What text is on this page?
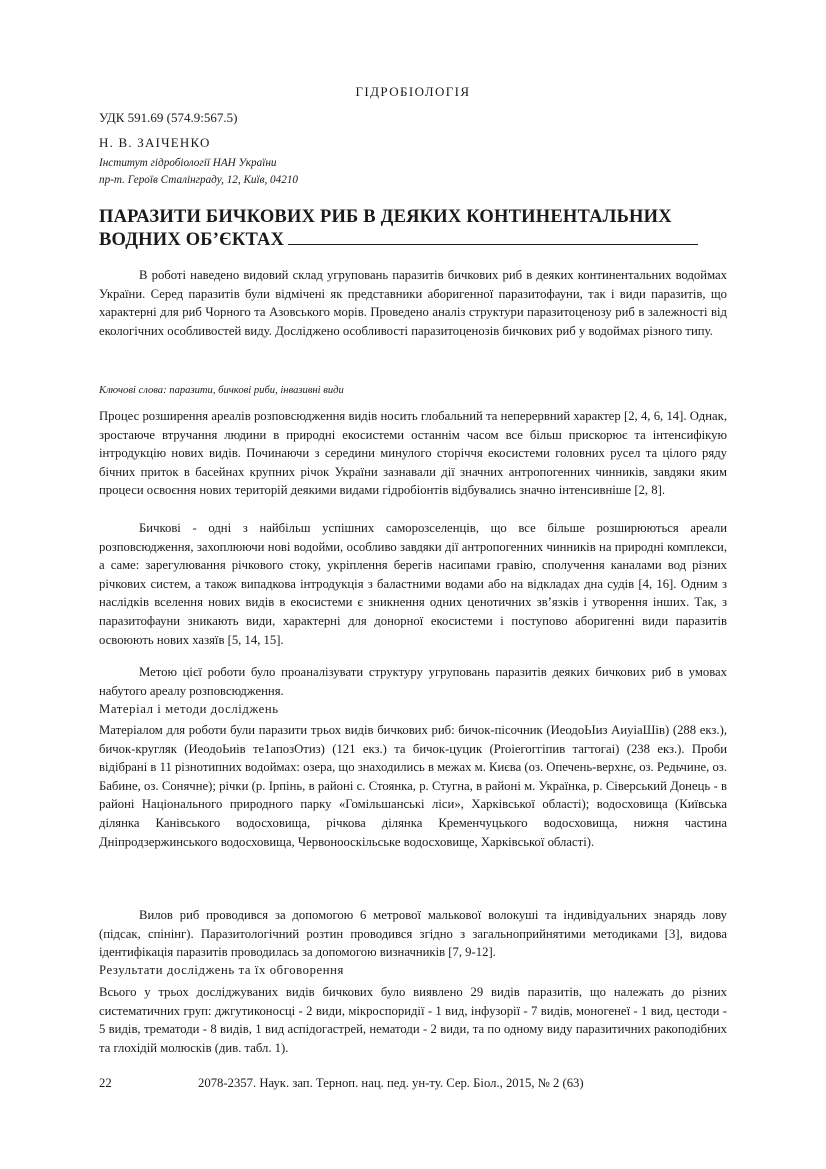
ГІДРОБІОЛОГІЯ
УДК 591.69 (574.9:567.5)
Н. В. ЗАІЧЕНКО
Інститут гідробіології НАН України
пр-т. Героїв Сталінграду, 12, Київ, 04210
ПАРАЗИТИ БИЧКОВИХ РИБ В ДЕЯКИХ КОНТИНЕНТАЛЬНИХ
ВОДНИХ ОБ’ЄКТАХ

В роботі наведено видовий склад угруповань паразитів бичкових риб в деяких континентальних водоймах України. Серед паразитів були відмічені як представники аборигенної паразитофауни, так і види паразитів, що характерні для риб Чорного та Азовського морів. Проведено аналіз структури паразитоценозу риб в залежності від екологічних особливостей виду. Досліджено особливості паразитоценозів бичкових риб у водоймах різного типу.

Ключові слова: паразити, бичкові риби, інвазивні види

Процес розширення ареалів розповсюдження видів носить глобальний та неперервний характер [2, 4, 6, 14]. Однак, зростаюче втручання людини в природні екосистеми останнім часом все більш прискорює та інтенсифікую інтродукцію нових видів. Починаючи з середини минулого сторіччя екосистеми головних русел та цілого ряду бічних приток в басейнах крупних річок України зазнавали дії значних антропогенних чинників, завдяки яким процеси освоєння нових територій деякими видами гідробіонтів відбувались значно інтенсивніше [2, 8].

Бичкові - одні з найбільш успішних саморозселенців, що все більше розширюються ареали розповсюдження, захоплюючи нові водойми, особливо завдяки дії антропогенних чинників на природні комплекси, а саме: зарегулювання річкового стоку, укріплення берегів насипами гравію, сполучення каналами вод різних річкових систем, а також випадкова інтродукція з баластними водами або на відкладах дна судів [4, 16]. Одним з наслідків вселення нових видів в екосистеми є зникнення одних ценотичних зв’язків і утворення інших. Так, з паразитофауни зникають види, характерні для донорної екосистеми і поступово аборигенні види паразитів освоюють нових хазяїв [5, 14, 15].

Метою цієї роботи було проаналізувати структуру угруповань паразитів деяких бичкових риб в умовах набутого ареалу розповсюдження.

Матеріал і методи досліджень

Матеріалом для роботи були паразити трьох видів бичкових риб: бичок-пісочник (ИеодоЬІиз АиуіаШів) (288 екз.), бичок-кругляк (ИеодоЬиів те1апозОтиз) (121 екз.) та бичок-цуцик (Рroіегоггіпив тагтогаі) (238 екз.). Проби відібрані в 11 різнотипних водоймах: озера, що знаходились в межах м. Києва (оз. Опечень-верхнє, оз. Редьчине, оз. Бабине, оз. Сонячне); річки (р. Ірпінь, в районі с. Стоянка, р. Стугна, в районі м. Українка, р. Сіверський Донець - в районі Національного природного парку «Гомільшанські ліси», Харківської області); водосховища (Київська ділянка Канівського водосховища, річкова ділянка Кременчуцького водосховища, нижня частина Дніпродзержинського водосховища, Червонооскільське водосховище, Харківської області).

Вилов риб проводився за допомогою 6 метрової малькової волокуші та індивідуальних знарядь лову (підсак, спінінг). Паразитологічний розтин проводився згідно з загальноприйнятими методиками [3], видова ідентифікація паразитів проводилась за допомогою визначників [7, 9-12].

Результати досліджень та їх обговорення

Всього у трьох досліджуваних видів бичкових було виявлено 29 видів паразитів, що належать до різних систематичних груп: джгутиконосці - 2 види, мікроспоридії - 1 вид, інфузорії - 7 видів, моногенеї - 1 вид, цестоди - 5 видів, трематоди - 8 видів, 1 вид аспідогастрей, нематоди - 2 види, та по одному виду паразитичних ракоподібних та глохідій молюсків (див. табл. 1).

22	2078-2357. Наук. зап. Терноп. нац. пед. ун-ту. Сер. Біол., 2015, № 2 (63)
